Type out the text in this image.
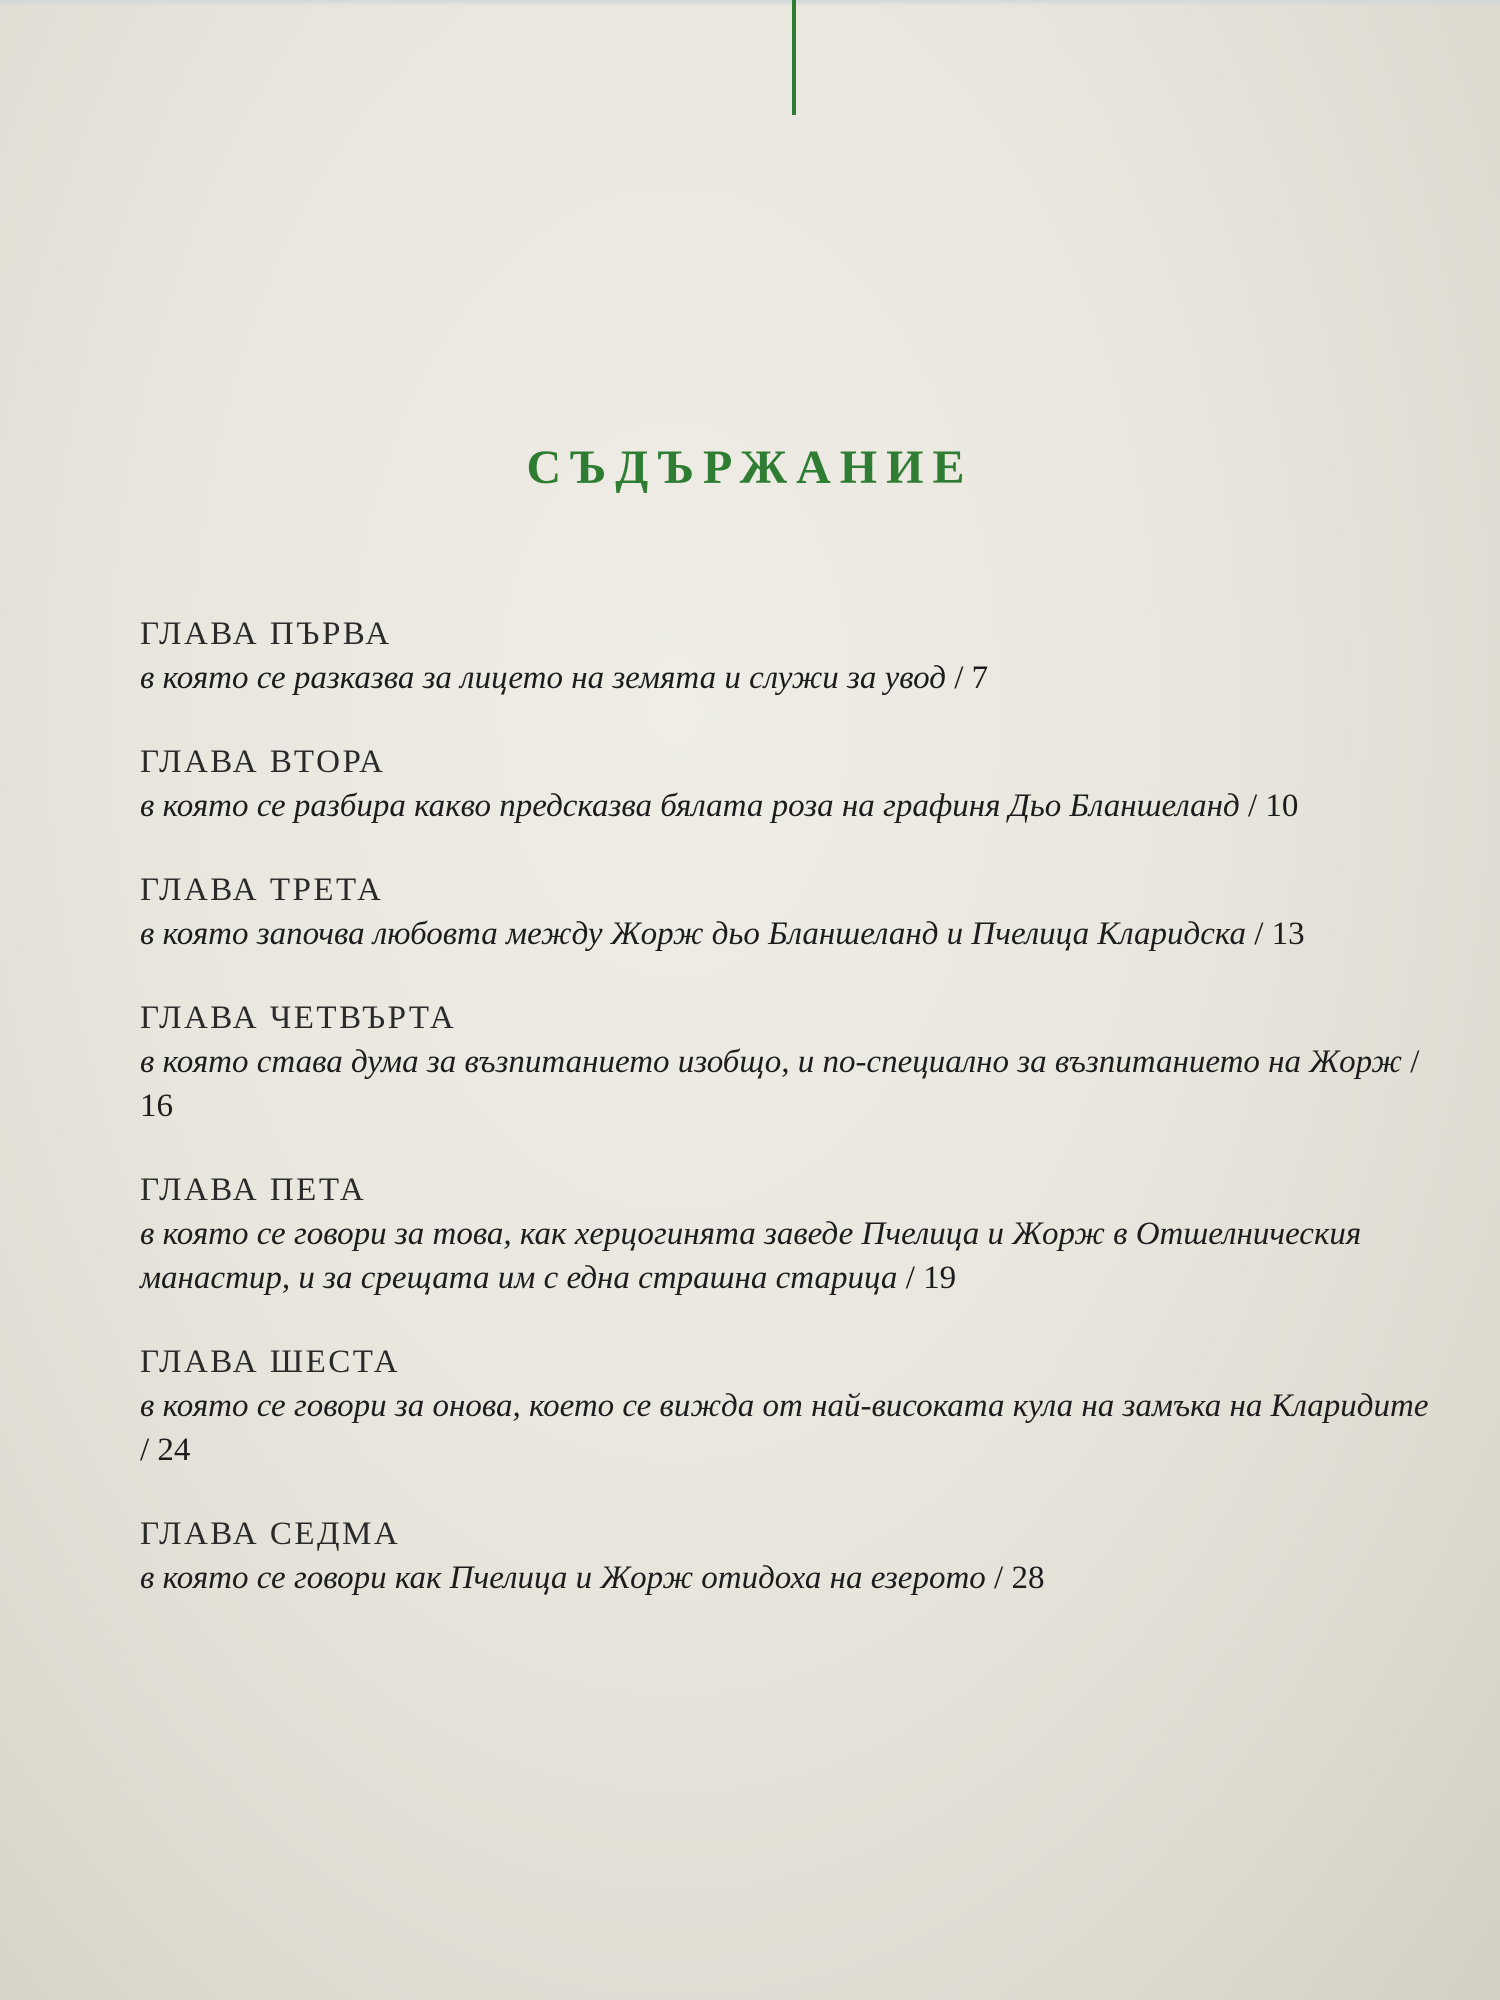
СЪДЪРЖАНИЕ
ГЛАВА ПЪРВА
в която се разказва за лицето на земята и служи за увод / 7
ГЛАВА ВТОРА
в която се разбира какво предсказва бялата роза на графиня Дьо Бланшеланд / 10
ГЛАВА ТРЕТА
в която започва любовта между Жорж дьо Бланшеланд и Пчелица Кларидска / 13
ГЛАВА ЧЕТВЪРТА
в която става дума за възпитанието изобщо, и по-специално за възпитанието на Жорж / 16
ГЛАВА ПЕТА
в която се говори за това, как херцогинята заведе Пчелица и Жорж в Отшелническия манастир, и за срещата им с една страшна старица / 19
ГЛАВА ШЕСТА
в която се говори за онова, което се вижда от най-високата кула на замъка на Кларидите / 24
ГЛАВА СЕДМА
в която се говори как Пчелица и Жорж отидоха на езерото / 28
